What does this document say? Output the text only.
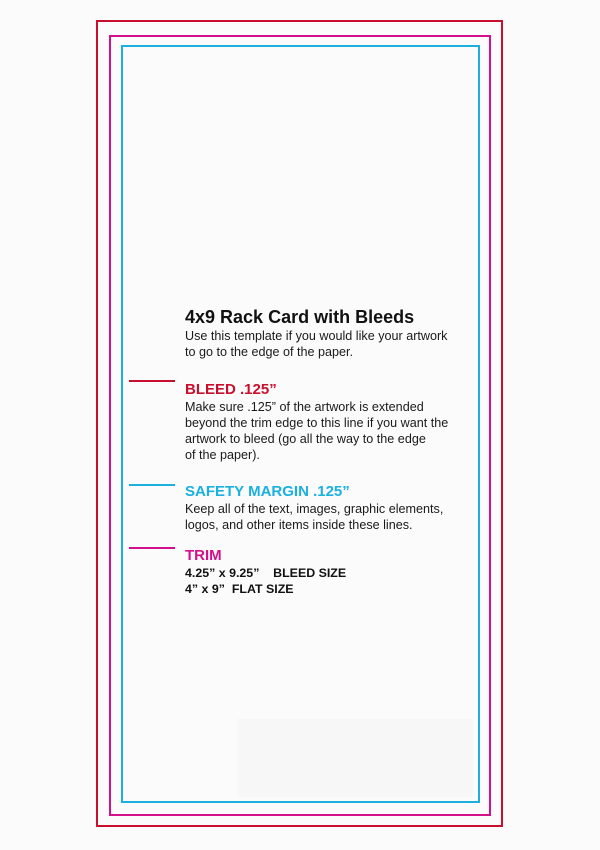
4x9 Rack Card with Bleeds

Use this template if you would like your artwork

to go to the edge of the paper.

BLEED .125”

Make sure .125” of the artwork is extended

beyond the trim edge to this line if you want the

artwork to bleed (go all the way to the edge

of the paper).

SAFETY MARGIN .125”

Keep all of the text, images, graphic elements,

logos, and other items inside these lines.

TRIM

4.25” x 9.25”    BLEED SIZE

4” x 9”  FLAT SIZE
